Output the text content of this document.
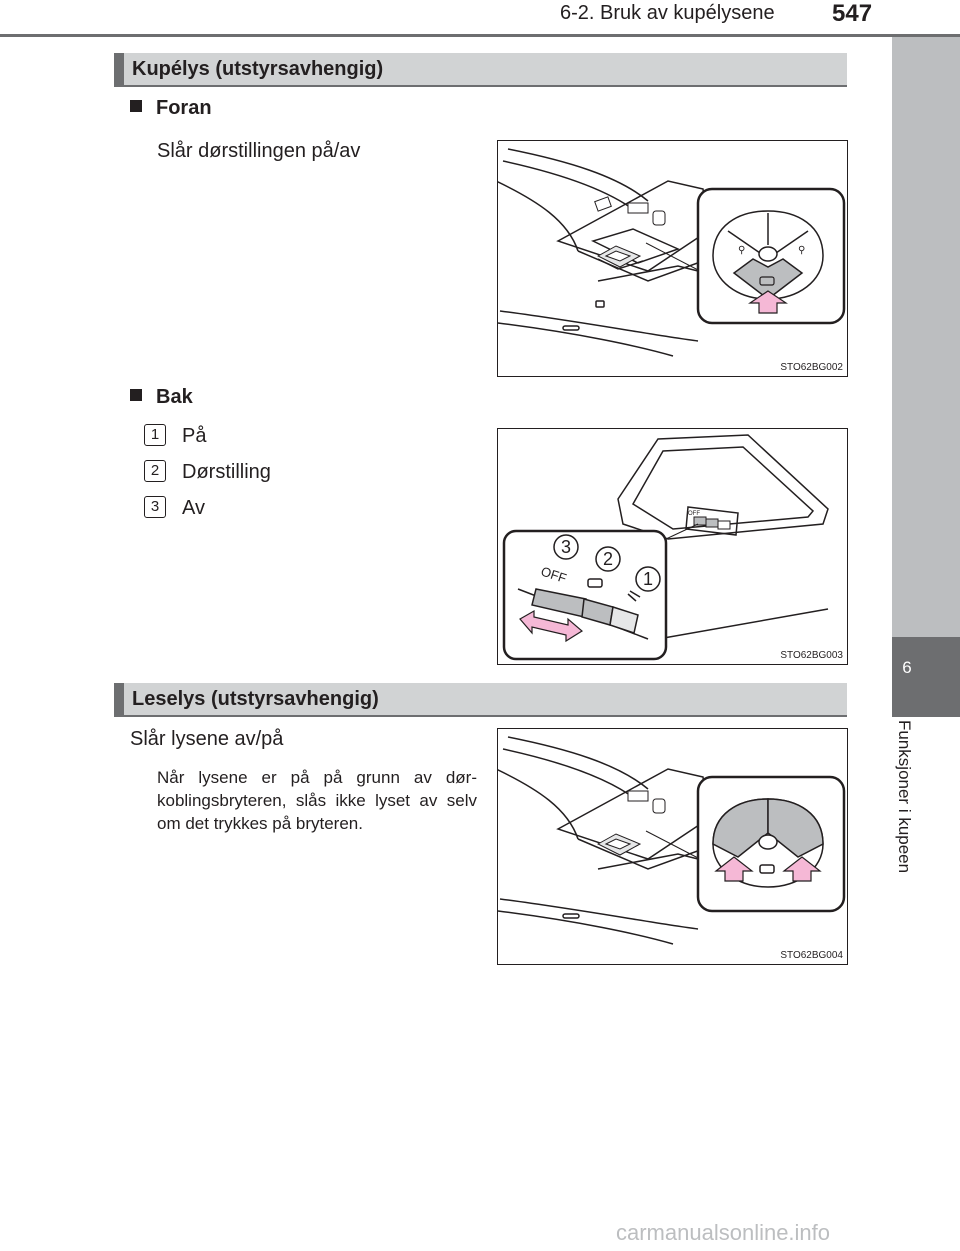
6-2. Bruk av kupélysene 547
6
Funksjoner i kupeen
Kupélys (utstyrsavhengig)
Foran
Slår dørstillingen på/av
⚲	⚲
STO62BG002
Bak
1	På
2	Dørstilling
3	Av	OFF
3
2
1
OFF
STO62BG003
Leselys (utstyrsavhengig)
Slår lysene av/på
Når lysene er på på grunn av dør-koblingsbryteren, slås ikke lyset av selv om det trykkes på bryteren.
STO62BG004
carmanualsonline.info
